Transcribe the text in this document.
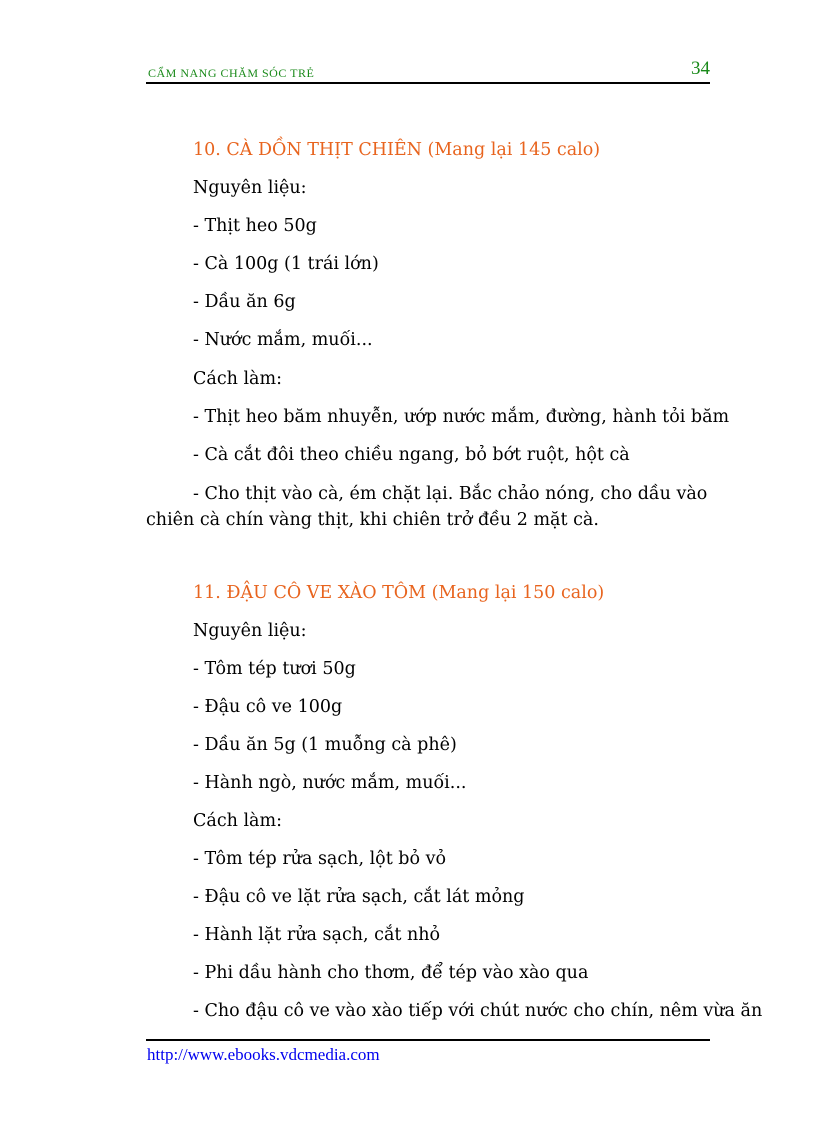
CẨM NANG CHĂM SÓC TRẺ	34
10. CÀ DỒN THỊT CHIÊN (Mang lại 145 calo)
Nguyên liệu:
- Thịt heo 50g
- Cà 100g (1 trái lớn)
- Dầu ăn 6g
- Nước mắm, muối...
Cách làm:
- Thịt heo băm nhuyễn, ướp nước mắm, đường, hành tỏi băm
- Cà cắt đôi theo chiều ngang, bỏ bớt ruột, hột cà
- Cho thịt vào cà, ém chặt lại. Bắc chảo nóng, cho dầu vào chiên cà chín vàng thịt, khi chiên trở đều 2 mặt cà.
11. ĐẬU CÔ VE XÀO TÔM (Mang lại 150 calo)
Nguyên liệu:
- Tôm tép tươi 50g
- Đậu cô ve 100g
- Dầu ăn 5g (1 muỗng cà phê)
- Hành ngò, nước mắm, muối...
Cách làm:
- Tôm tép rửa sạch, lột bỏ vỏ
- Đậu cô ve lặt rửa sạch, cắt lát mỏng
- Hành lặt rửa sạch, cắt nhỏ
- Phi dầu hành cho thơm, để tép vào xào qua
- Cho đậu cô ve vào xào tiếp với chút nước cho chín, nêm vừa ăn
http://www.ebooks.vdcmedia.com
